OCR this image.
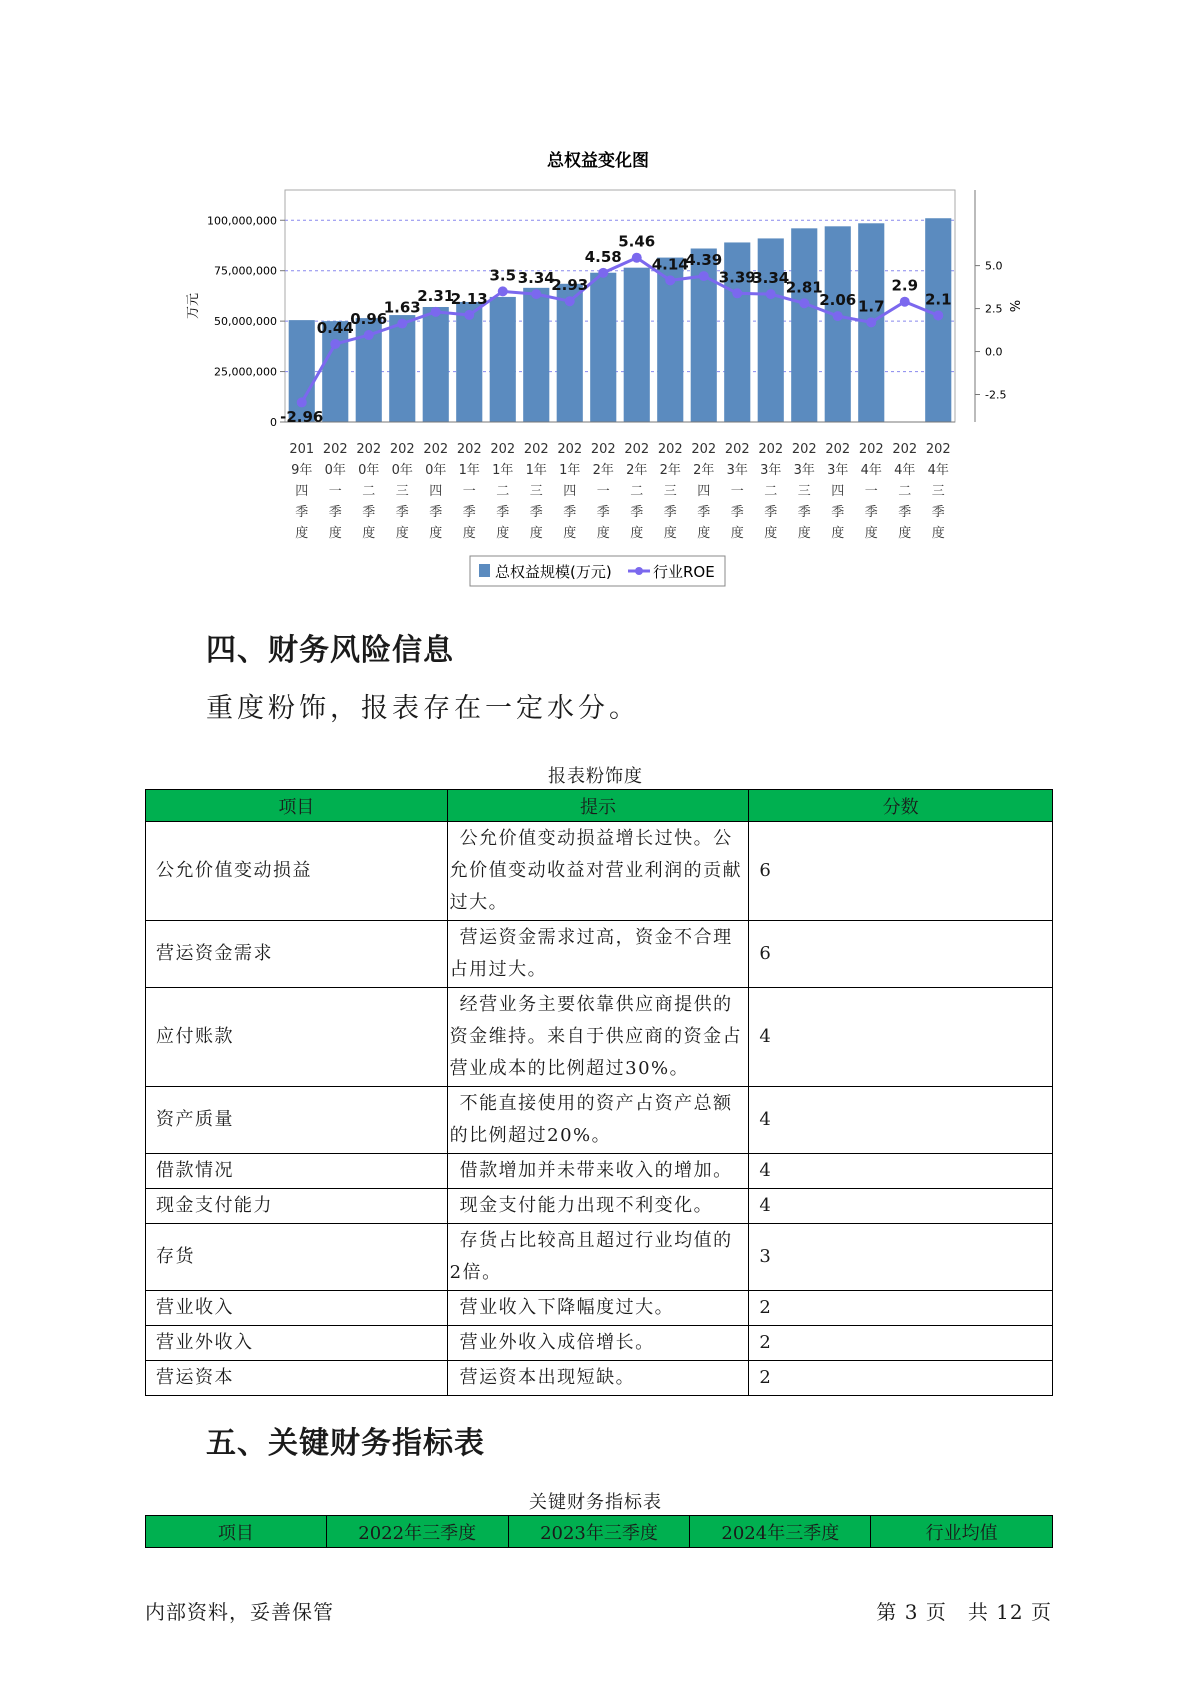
总权益变化图
0
25,000,000
50,000,000
75,000,000
100,000,000
-2.5
0.0
2.5
5.0
万元	%
201
9年
四
季
度
202
0年
一
季
度
202
0年
二
季
度
202
0年
三
季
度
202
0年
四
季
度
202
1年
一
季
度
202
1年
二
季
度
202
1年
三
季
度
202
1年
四
季
度
202
2年
一
季
度
202
2年
二
季
度
202
2年
三
季
度
202
2年
四
季
度
202
3年
一
季
度
202
3年
二
季
度
202
3年
三
季
度
202
3年
四
季
度
202
4年
一
季
度
202
4年
二
季
度
202
4年
三
季
度
-2.96
0.44
0.96
1.63
2.31
2.13
3.5 3.34
2.93
4.58
5.46
4.14
4.39
3.39
3.34
2.81
2.06 1.7
2.9
2.1
总权益规模(万元)	行业ROE
四、财务风险信息

重度粉饰，报表存在一定水分。

报表粉饰度

项目	提示	分数
公允价值变动损益	公允价值变动损益增长过快。公允价值变动收益对营业利润的贡献过大。	6
营运资金需求	营运资金需求过高，资金不合理占用过大。	6
应付账款	经营业务主要依靠供应商提供的资金维持。来自于供应商的资金占营业成本的比例超过30%。	4
资产质量	不能直接使用的资产占资产总额的比例超过20%。	4
借款情况	借款增加并未带来收入的增加。	4
现金支付能力	现金支付能力出现不利变化。	4
存货	存货占比较高且超过行业均值的2倍。	3
营业收入	营业收入下降幅度过大。	2
营业外收入	营业外收入成倍增长。	2
营运资本	营运资本出现短缺。	2
五、关键财务指标表

关键财务指标表

项目	2022年三季度	2023年三季度	2024年三季度	行业均值

内部资料，妥善保管	第 3 页　共 12 页
